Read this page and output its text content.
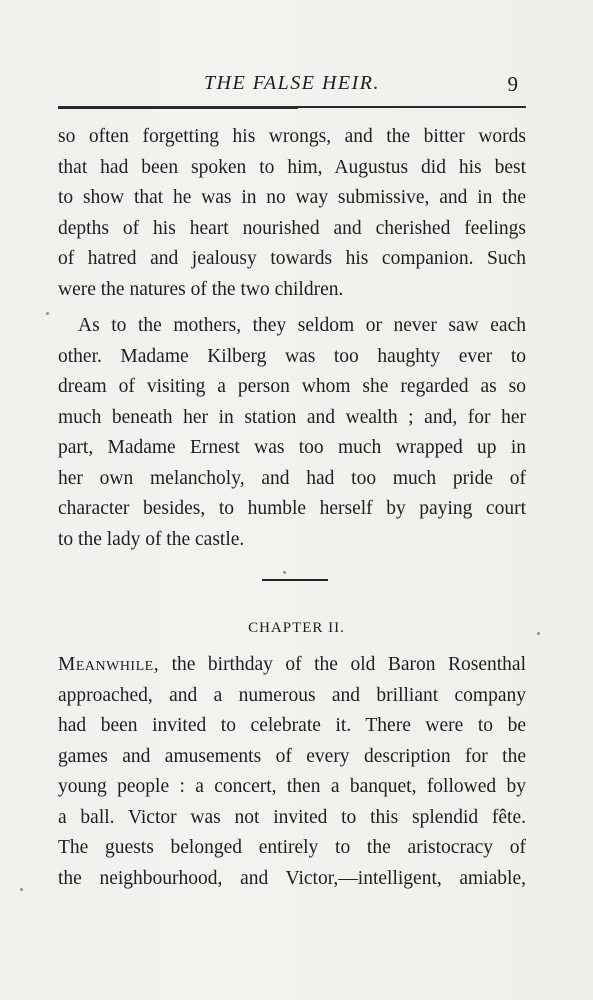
THE FALSE HEIR.	9

so often forgetting his wrongs, and the bitter words
that had been spoken to him, Augustus did his best
to show that he was in no way submissive, and in the
depths of his heart nourished and cherished feelings
of hatred and jealousy towards his companion. Such
were the natures of the two children.

As to the mothers, they seldom or never saw each
other. Madame Kilberg was too haughty ever to
dream of visiting a person whom she regarded as so
much beneath her in station and wealth ; and, for her
part, Madame Ernest was too much wrapped up in
her own melancholy, and had too much pride of
character besides, to humble herself by paying court
to the lady of the castle.

CHAPTER II.

Meanwhile, the birthday of the old Baron Rosenthal
approached, and a numerous and brilliant company
had been invited to celebrate it. There were to be
games and amusements of every description for the
young people : a concert, then a banquet, followed by
a ball. Victor was not invited to this splendid fête.
The guests belonged entirely to the aristocracy of
the neighbourhood, and Victor,—intelligent, amiable,
